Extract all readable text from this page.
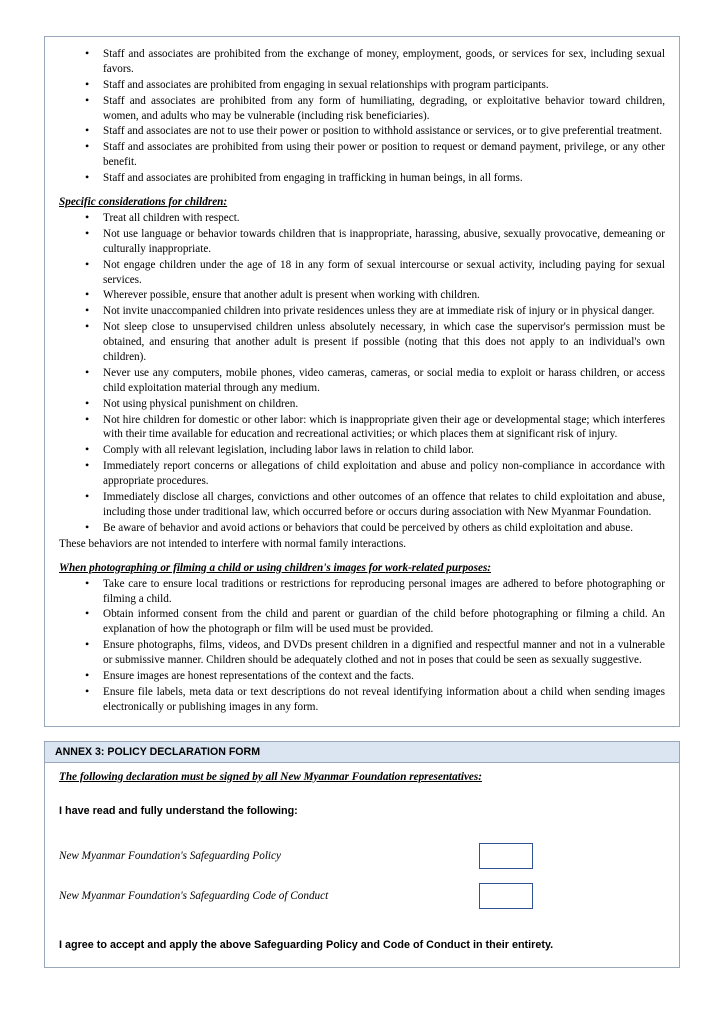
• Staff and associates are prohibited from the exchange of money, employment, goods, or services for sex, including sexual favors.
• Staff and associates are prohibited from engaging in sexual relationships with program participants.
• Staff and associates are prohibited from any form of humiliating, degrading, or exploitative behavior toward children, women, and adults who may be vulnerable (including risk beneficiaries).
• Staff and associates are not to use their power or position to withhold assistance or services, or to give preferential treatment.
• Staff and associates are prohibited from using their power or position to request or demand payment, privilege, or any other benefit.
• Staff and associates are prohibited from engaging in trafficking in human beings, in all forms.
Specific considerations for children:
• Treat all children with respect.
• Not use language or behavior towards children that is inappropriate, harassing, abusive, sexually provocative, demeaning or culturally inappropriate.
• Not engage children under the age of 18 in any form of sexual intercourse or sexual activity, including paying for sexual services.
• Wherever possible, ensure that another adult is present when working with children.
• Not invite unaccompanied children into private residences unless they are at immediate risk of injury or in physical danger.
• Not sleep close to unsupervised children unless absolutely necessary, in which case the supervisor's permission must be obtained, and ensuring that another adult is present if possible (noting that this does not apply to an individual's own children).
• Never use any computers, mobile phones, video cameras, cameras, or social media to exploit or harass children, or access child exploitation material through any medium.
• Not using physical punishment on children.
• Not hire children for domestic or other labor: which is inappropriate given their age or developmental stage; which interferes with their time available for education and recreational activities; or which places them at significant risk of injury.
• Comply with all relevant legislation, including labor laws in relation to child labor.
• Immediately report concerns or allegations of child exploitation and abuse and policy non-compliance in accordance with appropriate procedures.
• Immediately disclose all charges, convictions and other outcomes of an offence that relates to child exploitation and abuse, including those under traditional law, which occurred before or occurs during association with New Myanmar Foundation.
• Be aware of behavior and avoid actions or behaviors that could be perceived by others as child exploitation and abuse.
These behaviors are not intended to interfere with normal family interactions.
When photographing or filming a child or using children's images for work-related purposes:
• Take care to ensure local traditions or restrictions for reproducing personal images are adhered to before photographing or filming a child.
• Obtain informed consent from the child and parent or guardian of the child before photographing or filming a child. An explanation of how the photograph or film will be used must be provided.
• Ensure photographs, films, videos, and DVDs present children in a dignified and respectful manner and not in a vulnerable or submissive manner. Children should be adequately clothed and not in poses that could be seen as sexually suggestive.
• Ensure images are honest representations of the context and the facts.
• Ensure file labels, meta data or text descriptions do not reveal identifying information about a child when sending images electronically or publishing images in any form.
ANNEX 3: POLICY DECLARATION FORM
The following declaration must be signed by all New Myanmar Foundation representatives:
I have read and fully understand the following:
New Myanmar Foundation's Safeguarding Policy
New Myanmar Foundation's Safeguarding Code of Conduct
I agree to accept and apply the above Safeguarding Policy and Code of Conduct in their entirety.
